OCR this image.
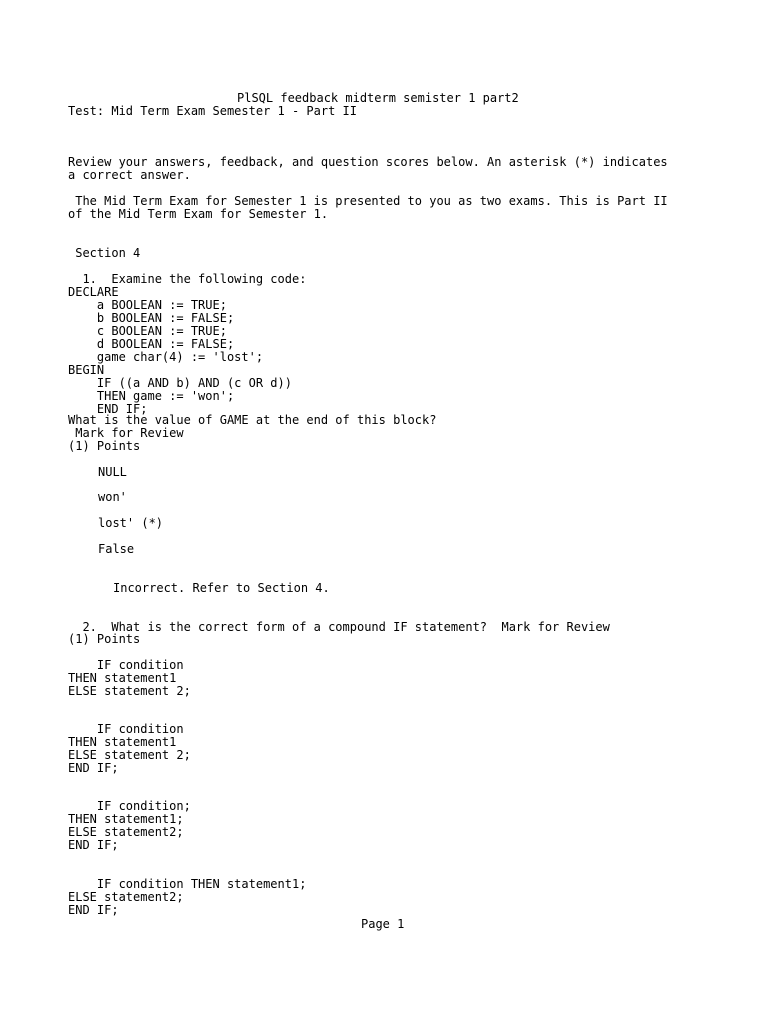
PlSQL feedback midterm semister 1 part2

Test: Mid Term Exam Semester 1 - Part II

Review your answers, feedback, and question scores below. An asterisk (*) indicates

a correct answer.

The Mid Term Exam for Semester 1 is presented to you as two exams. This is Part II

of the Mid Term Exam for Semester 1.

Section 4

1.  Examine the following code:

DECLARE

a BOOLEAN := TRUE;

b BOOLEAN := FALSE;

c BOOLEAN := TRUE;

d BOOLEAN := FALSE;

game char(4) := 'lost';

BEGIN

IF ((a AND b) AND (c OR d))

THEN game := 'won';

END IF;

What is the value of GAME at the end of this block?

Mark for Review

(1) Points

NULL

won'

lost' (*)

False

Incorrect. Refer to Section 4.

2.  What is the correct form of a compound IF statement?  Mark for Review

(1) Points

IF condition

THEN statement1

ELSE statement 2;

IF condition

THEN statement1

ELSE statement 2;

END IF;

IF condition;

THEN statement1;

ELSE statement2;

END IF;

IF condition THEN statement1;

ELSE statement2;

END IF;

Page 1
